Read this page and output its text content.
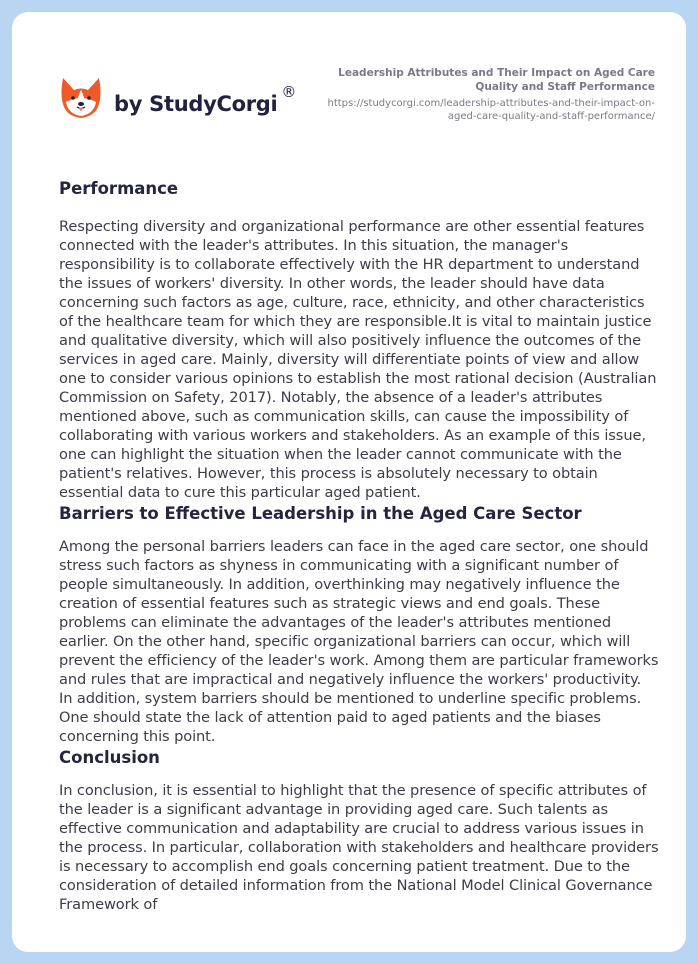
by StudyCorgi ®
Leadership Attributes and Their Impact on Aged Care Quality and Staff Performance
https://studycorgi.com/leadership-attributes-and-their-impact-on-aged-care-quality-and-staff-performance/
Performance

Respecting diversity and organizational performance are other essential features connected with the leader's attributes. In this situation, the manager's responsibility is to collaborate effectively with the HR department to understand the issues of workers' diversity. In other words, the leader should have data concerning such factors as age, culture, race, ethnicity, and other characteristics of the healthcare team for which they are responsible.It is vital to maintain justice and qualitative diversity, which will also positively influence the outcomes of the services in aged care. Mainly, diversity will differentiate points of view and allow one to consider various opinions to establish the most rational decision (Australian Commission on Safety, 2017). Notably, the absence of a leader's attributes mentioned above, such as communication skills, can cause the impossibility of collaborating with various workers and stakeholders. As an example of this issue, one can highlight the situation when the leader cannot communicate with the patient's relatives. However, this process is absolutely necessary to obtain essential data to cure this particular aged patient.

Barriers to Effective Leadership in the Aged Care Sector

Among the personal barriers leaders can face in the aged care sector, one should stress such factors as shyness in communicating with a significant number of people simultaneously. In addition, overthinking may negatively influence the creation of essential features such as strategic views and end goals. These problems can eliminate the advantages of the leader's attributes mentioned earlier. On the other hand, specific organizational barriers can occur, which will prevent the efficiency of the leader's work. Among them are particular frameworks and rules that are impractical and negatively influence the workers' productivity. In addition, system barriers should be mentioned to underline specific problems. One should state the lack of attention paid to aged patients and the biases concerning this point.

Conclusion

In conclusion, it is essential to highlight that the presence of specific attributes of the leader is a significant advantage in providing aged care. Such talents as effective communication and adaptability are crucial to address various issues in the process. In particular, collaboration with stakeholders and healthcare providers is necessary to accomplish end goals concerning patient treatment. Due to the consideration of detailed information from the National Model Clinical Governance Framework of
